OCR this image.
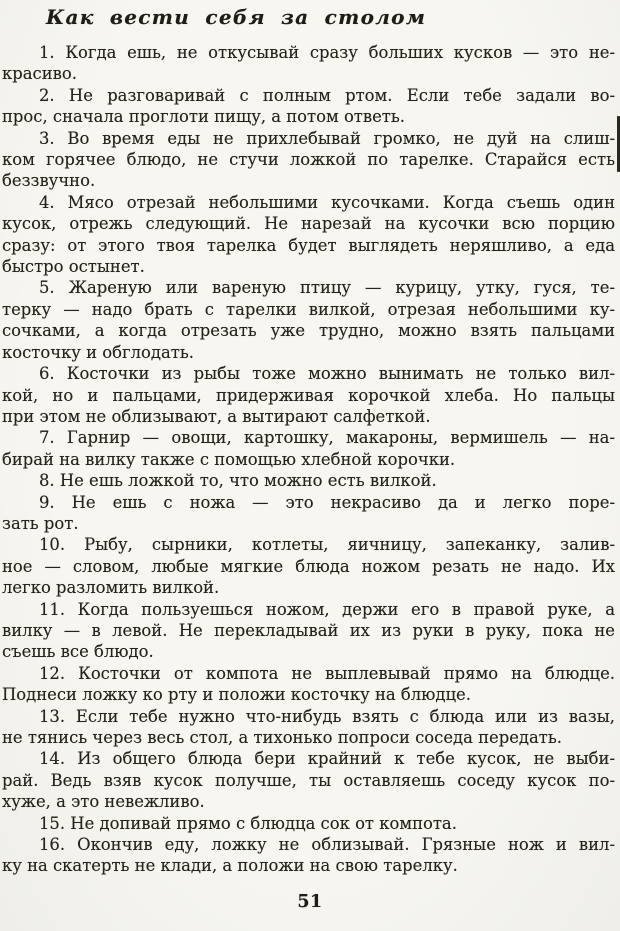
Как вести себя за столом
1. Когда ешь, не откусывай сразу больших кусков — это не-
красиво.
2. Не разговаривай с полным ртом. Если тебе задали во-
прос, сначала проглоти пищу, а потом ответь.
3. Во время еды не прихлебывай громко, не дуй на слиш-
ком горячее блюдо, не стучи ложкой по тарелке. Старайся есть
беззвучно.
4. Мясо отрезай небольшими кусочками. Когда съешь один
кусок, отрежь следующий. Не нарезай на кусочки всю порцию
сразу: от этого твоя тарелка будет выглядеть неряшливо, а еда
быстро остынет.
5. Жареную или вареную птицу — курицу, утку, гуся, те-
терку — надо брать с тарелки вилкой, отрезая небольшими ку-
сочками, а когда отрезать уже трудно, можно взять пальцами
косточку и обглодать.
6. Косточки из рыбы тоже можно вынимать не только вил-
кой, но и пальцами, придерживая корочкой хлеба. Но пальцы
при этом не облизывают, а вытирают салфеткой.
7. Гарнир — овощи, картошку, макароны, вермишель — на-
бирай на вилку также с помощью хлебной корочки.
8. Не ешь ложкой то, что можно есть вилкой.
9. Не ешь с ножа — это некрасиво да и легко поре-
зать рот.
10. Рыбу, сырники, котлеты, яичницу, запеканку, залив-
ное — словом, любые мягкие блюда ножом резать не надо. Их
легко разломить вилкой.
11. Когда пользуешься ножом, держи его в правой руке, а
вилку — в левой. Не перекладывай их из руки в руку, пока не
съешь все блюдо.
12. Косточки от компота не выплевывай прямо на блюдце.
Поднеси ложку ко рту и положи косточку на блюдце.
13. Если тебе нужно что-нибудь взять с блюда или из вазы,
не тянись через весь стол, а тихонько попроси соседа передать.
14. Из общего блюда бери крайний к тебе кусок, не выби-
рай. Ведь взяв кусок получше, ты оставляешь соседу кусок по-
хуже, а это невежливо.
15. Не допивай прямо с блюдца сок от компота.
16. Окончив еду, ложку не облизывай. Грязные нож и вил-
ку на скатерть не клади, а положи на свою тарелку.
51
